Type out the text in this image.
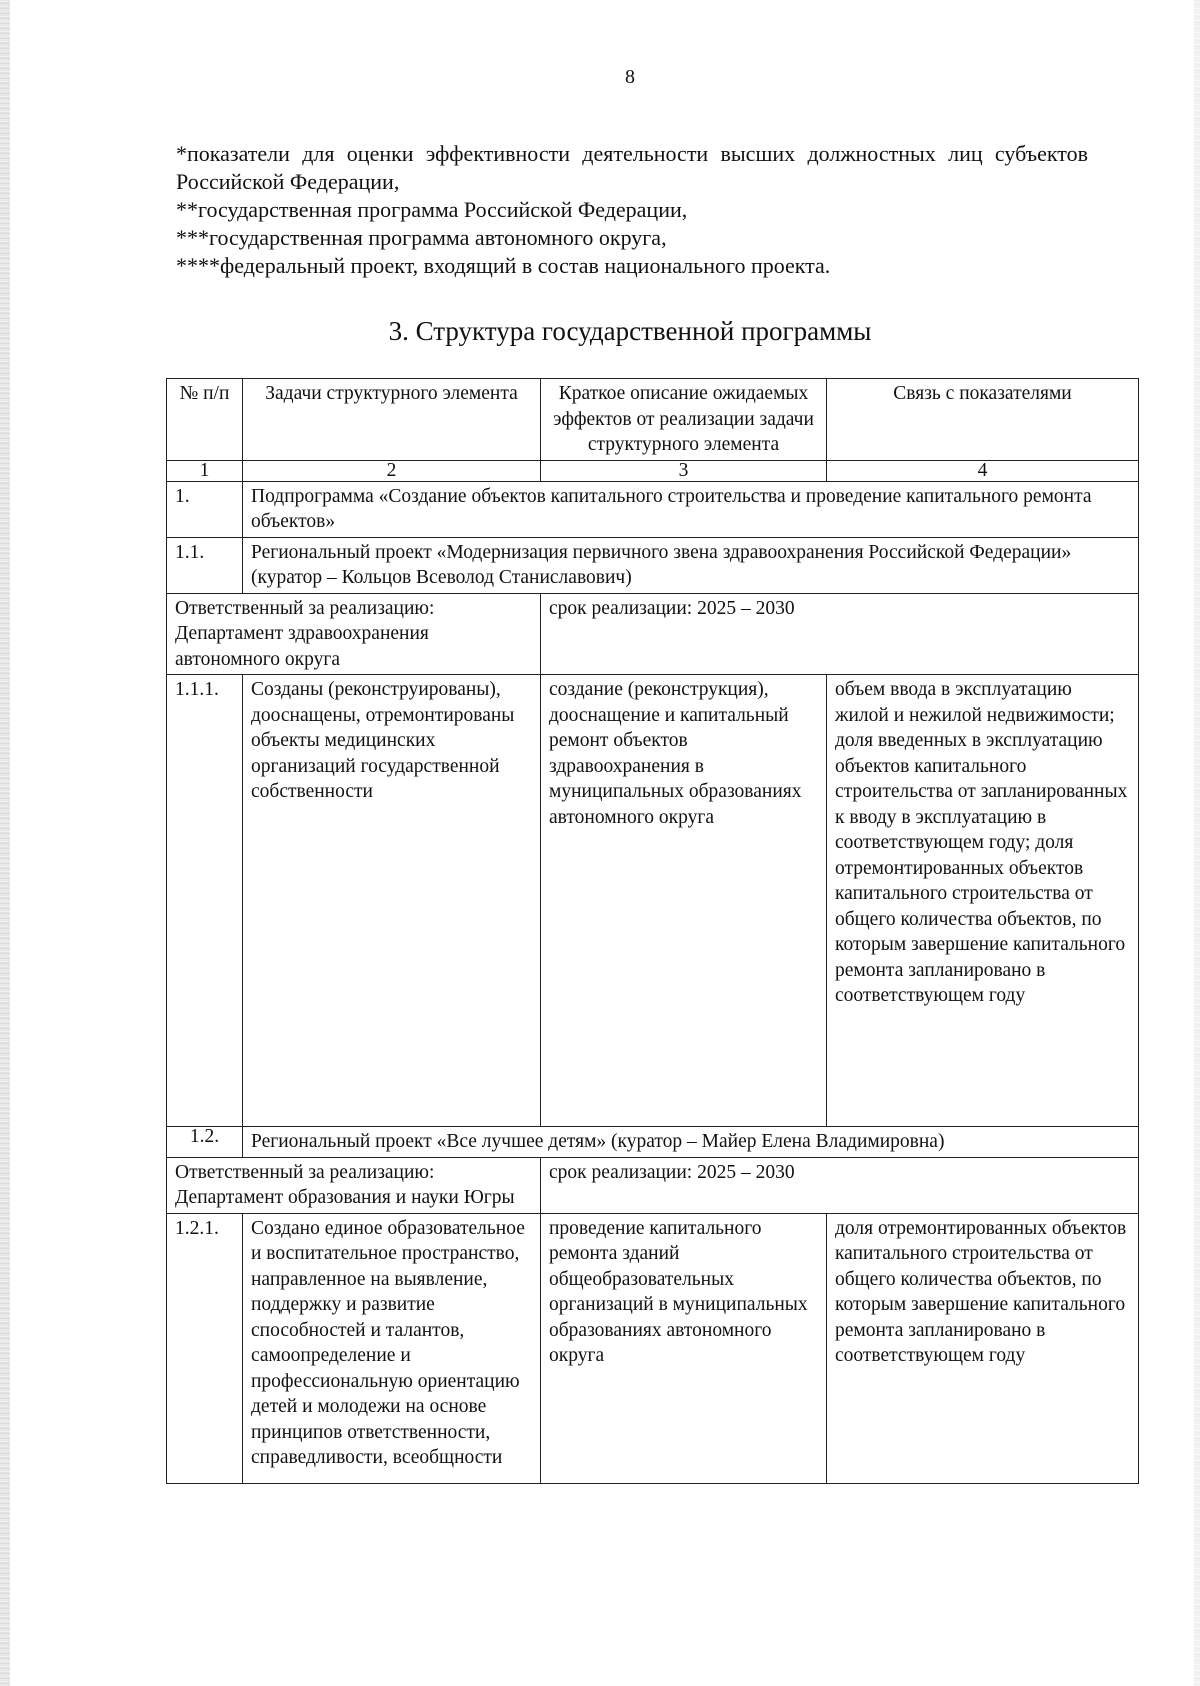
8

*показатели для оценки эффективности деятельности высших должностных лиц субъектов Российской Федерации,

**государственная программа Российской Федерации,

***государственная программа автономного округа,

****федеральный проект, входящий в состав национального проекта.

3. Структура государственной программы
№ п/п	Задачи структурного элемента	Краткое описание ожидаемых эффектов от реализации задачи структурного элемента	Связь с показателями
1	2	3	4
1.	Подпрограмма «Создание объектов капитального строительства и проведение капитального ремонта объектов»		
1.1.	Региональный проект «Модернизация первичного звена здравоохранения Российской Федерации» (куратор – Кольцов Всеволод Станиславович)		
Ответственный за реализацию: Департамент здравоохранения автономного округа		срок реализации: 2025 – 2030	
1.1.1.	Созданы (реконструированы), дооснащены, отремонтированы объекты медицинских организаций государственной собственности	создание (реконструкция), дооснащение и капитальный ремонт объектов здравоохранения в муниципальных образованиях автономного округа	объем ввода в эксплуатацию жилой и нежилой недвижимости; доля введенных в эксплуатацию объектов капитального строительства от запланированных к вводу в эксплуатацию в соответствующем году; доля отремонтированных объектов капитального строительства от общего количества объектов, по которым завершение капитального ремонта запланировано в соответствующем году
1.2.	Региональный проект «Все лучшее детям» (куратор – Майер Елена Владимировна)		
Ответственный за реализацию: Департамент образования и науки Югры		срок реализации: 2025 – 2030	
1.2.1.	Создано единое образовательное и воспитательное пространство, направленное на выявление, поддержку и развитие способностей и талантов, самоопределение и профессиональную ориентацию детей и молодежи на основе принципов ответственности, справедливости, всеобщности	проведение капитального ремонта зданий общеобразовательных организаций в муниципальных образованиях автономного округа	доля отремонтированных объектов капитального строительства от общего количества объектов, по которым завершение капитального ремонта запланировано в соответствующем году
